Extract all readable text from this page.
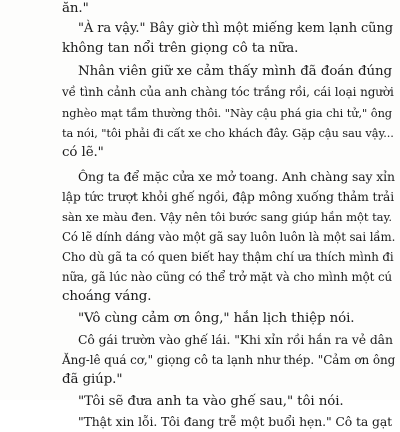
ăn."
"À ra vậy." Bây giờ thì một miếng kem lạnh cũng
không tan nổi trên giọng cô ta nữa.
Nhân viên giữ xe cảm thấy mình đã đoán đúng
về tình cảnh của anh chàng tóc trắng rồi, cái loại người
nghèo mạt tầm thường thôi. "Này cậu phá gia chi tử," ông
ta nói, "tôi phải đi cất xe cho khách đây. Gặp cậu sau vậy...
có lẽ."
Ông ta để mặc cửa xe mở toang. Anh chàng say xỉn
lập tức trượt khỏi ghế ngồi, đập mông xuống thảm trải
sàn xe màu đen. Vậy nên tôi bước sang giúp hắn một tay.
Có lẽ dính dáng vào một gã say luôn luôn là một sai lầm.
Cho dù gã ta có quen biết hay thậm chí ưa thích mình đi
nữa, gã lúc nào cũng có thể trở mặt và cho mình một cú
choáng váng.
"Vô cùng cảm ơn ông," hắn lịch thiệp nói.
Cô gái trườn vào ghế lái. "Khi xỉn rồi hắn ra vẻ dân
Ăng-lê quá cơ," giọng cô ta lạnh như thép. "Cảm ơn ông
đã giúp."
"Tôi sẽ đưa anh ta vào ghế sau," tôi nói.
"Thật xin lỗi. Tôi đang trễ một buổi hẹn." Cô ta gạt
